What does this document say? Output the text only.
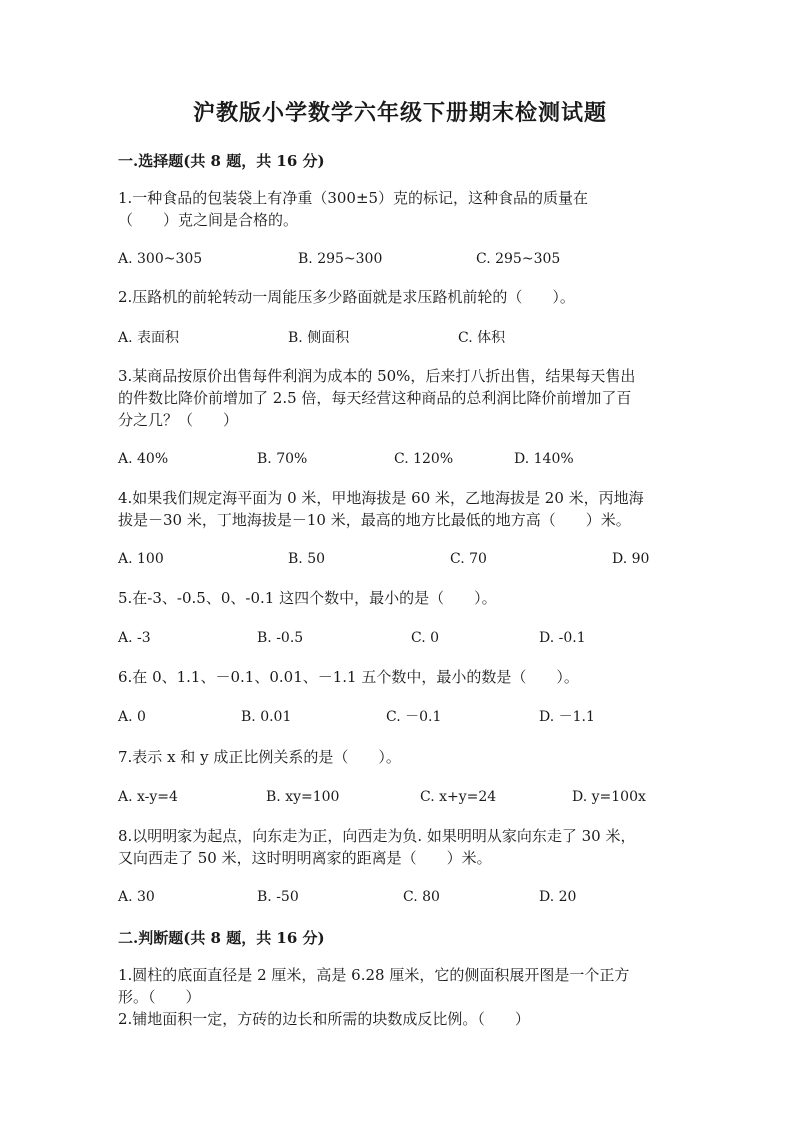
沪教版小学数学六年级下册期末检测试题
一.选择题(共 8 题，共 16 分)
1.一种食品的包装袋上有净重（300±5）克的标记，这种食品的质量在
（　　）克之间是合格的。
A. 300~305	B. 295~300	C. 295~305
2.压路机的前轮转动一周能压多少路面就是求压路机前轮的（　　）。
A. 表面积	B. 侧面积	C. 体积
3.某商品按原价出售每件利润为成本的 50%，后来打八折出售，结果每天售出
的件数比降价前增加了 2.5 倍，每天经营这种商品的总利润比降价前增加了百
分之几？（　　）
A. 40%	B. 70%	C. 120%	D. 140%
4.如果我们规定海平面为 0 米，甲地海拔是 60 米，乙地海拔是 20 米，丙地海
拔是－30 米，丁地海拔是－10 米，最高的地方比最低的地方高（　　）米。
A. 100	B. 50	C. 70	D. 90
5.在-3、-0.5、0、-0.1 这四个数中，最小的是（　　）。
A. -3	B. -0.5	C. 0	D. -0.1
6.在 0、1.1、－0.1、0.01、－1.1 五个数中，最小的数是（　　）。
A. 0	B. 0.01	C. －0.1	D. －1.1
7.表示 x 和 y 成正比例关系的是（　　）。
A. x-y=4	B. xy=100	C. x+y=24	D. y=100x
8.以明明家为起点，向东走为正，向西走为负. 如果明明从家向东走了 30 米，
又向西走了 50 米，这时明明离家的距离是（　　）米。
A. 30	B. -50	C. 80	D. 20
二.判断题(共 8 题，共 16 分)
1.圆柱的底面直径是 2 厘米，高是 6.28 厘米，它的侧面积展开图是一个正方
形。（　　）
2.铺地面积一定，方砖的边长和所需的块数成反比例。（　　）
